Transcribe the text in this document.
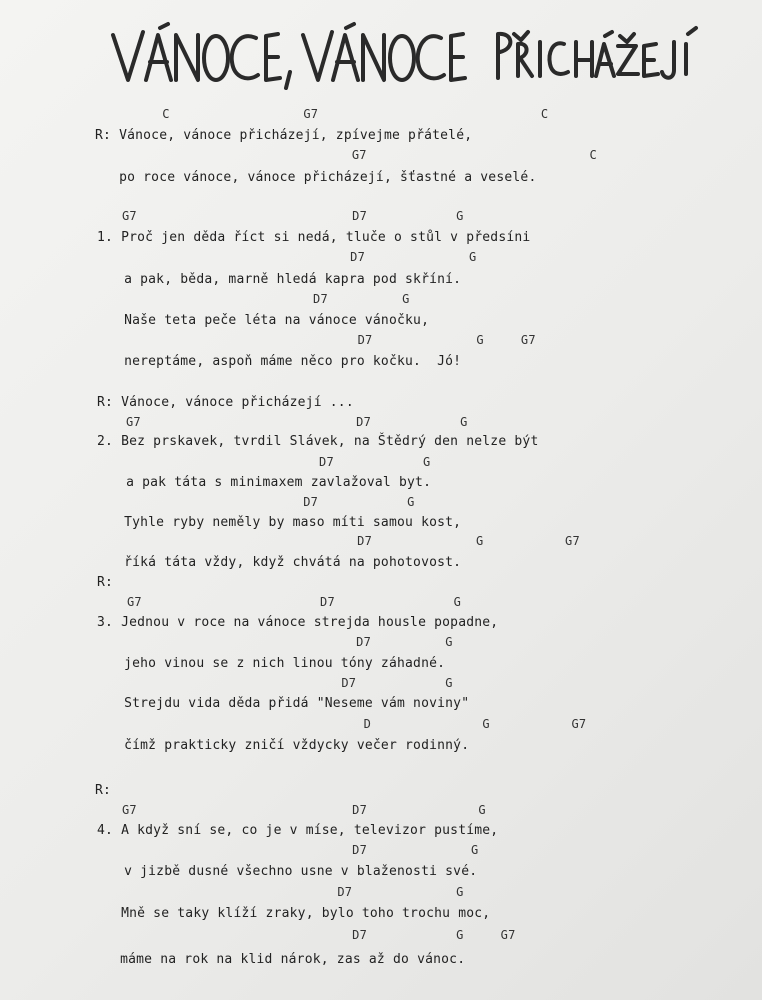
C                  G7                              C
R: Vánoce, vánoce přicházejí, zpívejme přátelé,
G7                              C
po roce vánoce, vánoce přicházejí, šťastné a veselé.
G7                             D7            G
1. Proč jen děda říct si nedá, tluče o stůl v předsíni
D7              G
a pak, běda, marně hledá kapra pod skříní.
D7          G
Naše teta peče léta na vánoce vánočku,
D7              G     G7
nereptáme, aspoň máme něco pro kočku.  Jó!
R: Vánoce, vánoce přicházejí ...
G7                             D7            G
2. Bez prskavek, tvrdil Slávek, na Štědrý den nelze být
D7            G
a pak táta s minimaxem zavlažoval byt.
D7            G
Tyhle ryby neměly by maso míti samou kost,
D7              G           G7
říká táta vždy, když chvátá na pohotovost.
R:
G7                        D7                G
3. Jednou v roce na vánoce strejda housle popadne,
D7          G
jeho vinou se z nich linou tóny záhadné.
D7            G
Strejdu vida děda přidá "Neseme vám noviny"
D               G           G7
čímž prakticky zničí vždycky večer rodinný.
R:
G7                             D7               G
4. A když sní se, co je v míse, televizor pustíme,
D7              G
v jizbě dusné všechno usne v blaženosti své.
D7              G
Mně se taky klíží zraky, bylo toho trochu moc,
D7            G     G7
máme na rok na klid nárok, zas až do vánoc.
